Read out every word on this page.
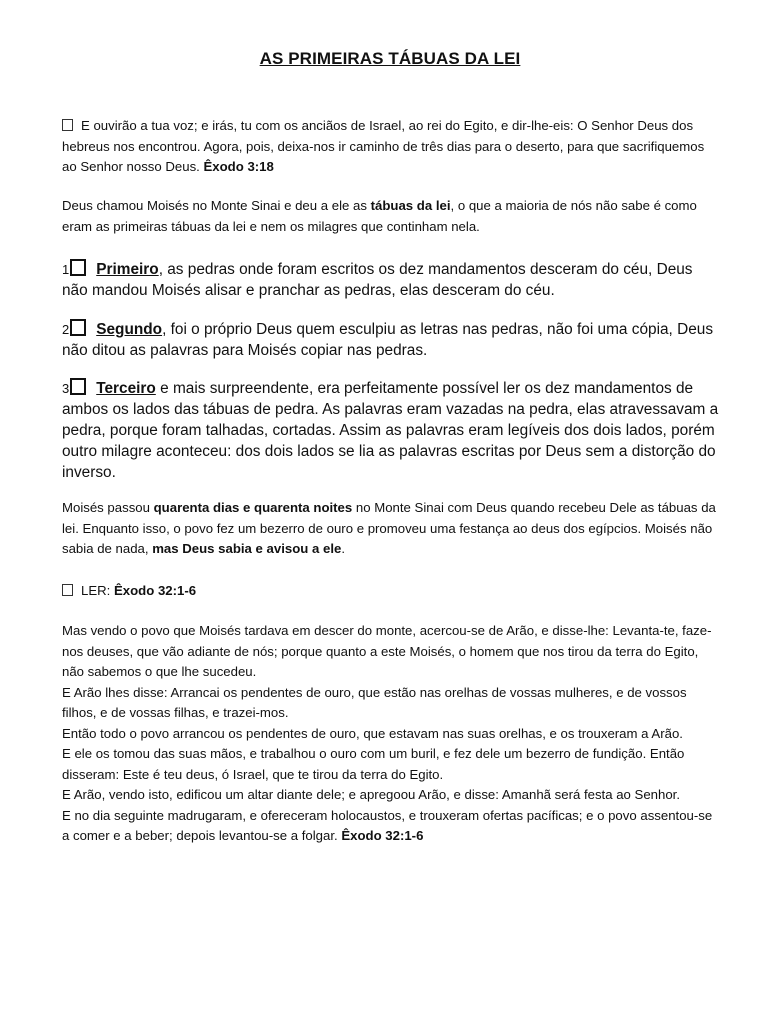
AS PRIMEIRAS TÁBUAS DA LEI
E ouvirão a tua voz; e irás, tu com os anciãos de Israel, ao rei do Egito, e dir-lhe-eis: O Senhor Deus dos hebreus nos encontrou. Agora, pois, deixa-nos ir caminho de três dias para o deserto, para que sacrifiquemos ao Senhor nosso Deus. Êxodo 3:18
Deus chamou Moisés no Monte Sinai e deu a ele as tábuas da lei, o que a maioria de nós não sabe é como eram as primeiras tábuas da lei e nem os milagres que continham nela.
1 Primeiro, as pedras onde foram escritos os dez mandamentos desceram do céu, Deus não mandou Moisés alisar e pranchar as pedras, elas desceram do céu.
2 Segundo, foi o próprio Deus quem esculpiu as letras nas pedras, não foi uma cópia, Deus não ditou as palavras para Moisés copiar nas pedras.
3 Terceiro e mais surpreendente, era perfeitamente possível ler os dez mandamentos de ambos os lados das tábuas de pedra. As palavras eram vazadas na pedra, elas atravessavam a pedra, porque foram talhadas, cortadas. Assim as palavras eram legíveis dos dois lados, porém outro milagre aconteceu: dos dois lados se lia as palavras escritas por Deus sem a distorção do inverso.
Moisés passou quarenta dias e quarenta noites no Monte Sinai com Deus quando recebeu Dele as tábuas da lei. Enquanto isso, o povo fez um bezerro de ouro e promoveu uma festança ao deus dos egípcios. Moisés não sabia de nada, mas Deus sabia e avisou a ele.
LER: Êxodo 32:1-6
Mas vendo o povo que Moisés tardava em descer do monte, acercou-se de Arão, e disse-lhe: Levanta-te, faze-nos deuses, que vão adiante de nós; porque quanto a este Moisés, o homem que nos tirou da terra do Egito, não sabemos o que lhe sucedeu.
E Arão lhes disse: Arrancai os pendentes de ouro, que estão nas orelhas de vossas mulheres, e de vossos filhos, e de vossas filhas, e trazei-mos.
Então todo o povo arrancou os pendentes de ouro, que estavam nas suas orelhas, e os trouxeram a Arão.
E ele os tomou das suas mãos, e trabalhou o ouro com um buril, e fez dele um bezerro de fundição. Então disseram: Este é teu deus, ó Israel, que te tirou da terra do Egito.
E Arão, vendo isto, edificou um altar diante dele; e apregoou Arão, e disse: Amanhã será festa ao Senhor.
E no dia seguinte madrugaram, e ofereceram holocaustos, e trouxeram ofertas pacíficas; e o povo assentou-se a comer e a beber; depois levantou-se a folgar. Êxodo 32:1-6
